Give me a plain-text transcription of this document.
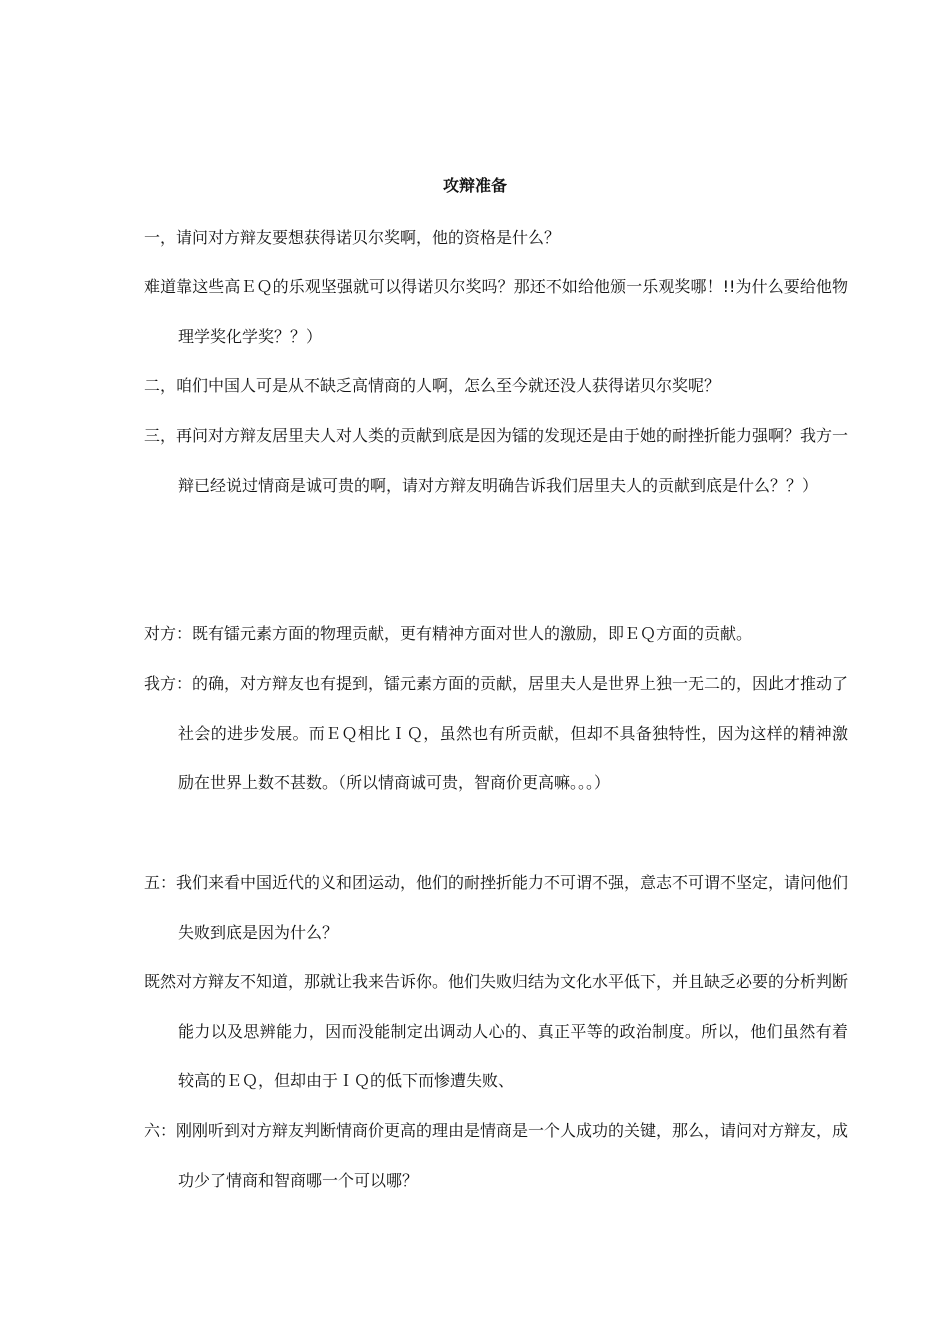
攻辩准备
一，请问对方辩友要想获得诺贝尔奖啊，他的资格是什么？
难道靠这些高ＥＱ的乐观坚强就可以得诺贝尔奖吗？那还不如给他颁一乐观奖哪！!!为什么要给他物理学奖化学奖？？）
二，咱们中国人可是从不缺乏高情商的人啊，怎么至今就还没人获得诺贝尔奖呢？
三，再问对方辩友居里夫人对人类的贡献到底是因为镭的发现还是由于她的耐挫折能力强啊？我方一辩已经说过情商是诚可贵的啊，请对方辩友明确告诉我们居里夫人的贡献到底是什么？？）
对方：既有镭元素方面的物理贡献，更有精神方面对世人的激励，即ＥＱ方面的贡献。
我方：的确，对方辩友也有提到，镭元素方面的贡献，居里夫人是世界上独一无二的，因此才推动了社会的进步发展。而ＥＱ相比ＩＱ，虽然也有所贡献，但却不具备独特性，因为这样的精神激励在世界上数不甚数。（所以情商诚可贵，智商价更高嘛。。。）
五：我们来看中国近代的义和团运动，他们的耐挫折能力不可谓不强，意志不可谓不坚定，请问他们失败到底是因为什么？
既然对方辩友不知道，那就让我来告诉你。他们失败归结为文化水平低下，并且缺乏必要的分析判断能力以及思辨能力，因而没能制定出调动人心的、真正平等的政治制度。所以，他们虽然有着较高的ＥＱ，但却由于ＩＱ的低下而惨遭失败、
六：刚刚听到对方辩友判断情商价更高的理由是情商是一个人成功的关键，那么，请问对方辩友，成功少了情商和智商哪一个可以哪？
